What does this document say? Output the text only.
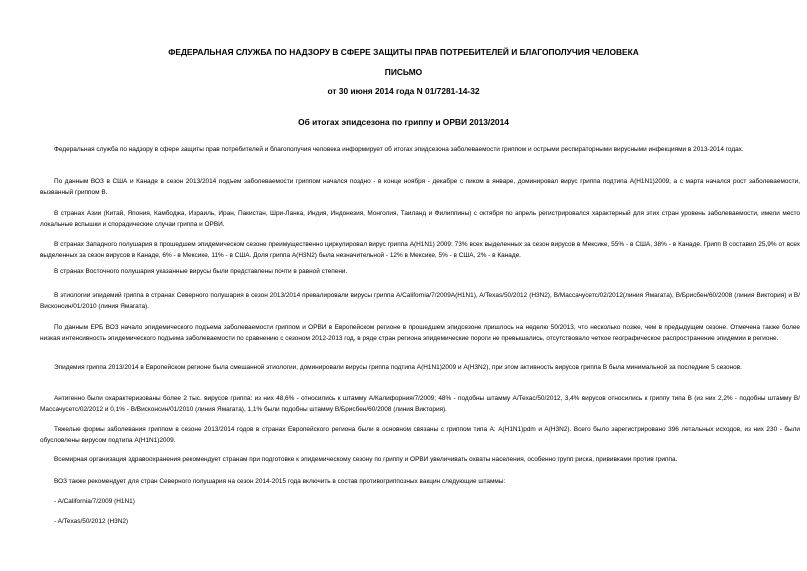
ФЕДЕРАЛЬНАЯ СЛУЖБА ПО НАДЗОРУ В СФЕРЕ ЗАЩИТЫ ПРАВ ПОТРЕБИТЕЛЕЙ И БЛАГОПОЛУЧИЯ ЧЕЛОВЕКА
ПИСЬМО
от 30 июня 2014 года N 01/7281-14-32
Об итогах эпидсезона по гриппу и ОРВИ 2013/2014

Федеральная служба по надзору в сфере защиты прав потребителей и благополучия человека информирует об итогах эпидсезона заболеваемости гриппом и острыми респираторными вирусными инфекциями в 2013-2014 годах.

По данным ВОЗ в США и Канаде в сезон 2013/2014 подъем заболеваемости гриппом начался поздно - в конце ноября - декабре с пиком в январе, доминировал вирус гриппа подтипа A(H1N1)2009, а с марта начался рост заболеваемости, вызванный гриппом B.

В странах Азии (Китай, Япония, Камбоджа, Израиль, Иран, Пакистан, Шри-Ланка, Индия, Индонезия, Монголия, Таиланд и Филиппины) с октября по апрель регистрировался характерный для этих стран уровень заболеваемости, имели место локальные вспышки и спорадические случаи гриппа и ОРВИ.

В странах Западного полушария в прошедшем эпидемическом сезоне преимущественно циркулировал вирус гриппа A(H1N1) 2009: 73% всех выделенных за сезон вирусов в Мексике, 55% - в США, 38% - в Канаде. Грипп B составил 25,9% от всех выделенных за сезон вирусов в Канаде, 6% - в Мексике, 11% - в США. Доля гриппа A(H3N2) была незначительной - 12% в Мексике, 5% - в США, 2% - в Канаде.

В странах Восточного полушария указанные вирусы были представлены почти в равной степени.

В этиологии эпидемий гриппа в странах Северного полушария в сезон 2013/2014 превалировали вирусы гриппа A/California/7/2009A(H1N1), A/Texas/50/2012 (H3N2), B/Массачусетс/02/2012(линия Ямагата), B/Брисбен/60/2008 (линия Виктория) и B/Висконсин/01/2010 (линия Ямагата).

По данным ЕРБ ВОЗ начало эпидемического подъема заболеваемости гриппом и ОРВИ в Европейском регионе в прошедшем эпидсезоне пришлось на неделю 50/2013, что несколько позже, чем в предыдущем сезоне. Отмечена также более низкая интенсивность эпидемического подъема заболеваемости по сравнению с сезоном 2012-2013 год, в ряде стран региона эпидемические пороги не превышались, отсутствовало четкое географическое распространение эпидемии в регионе.

Эпидемия гриппа 2013/2014 в Европейском регионе была смешанной этиологии, доминировали вирусы гриппа подтипа A(H1N1)2009 и A(H3N2), при этом активность вирусов гриппа B была минимальной за последние 5 сезонов.

Антигенно были охарактеризованы более 2 тыс. вирусов гриппа: из них 48,6% - относились к штамму A/Калифорния/7/2009; 48% - подобны штамму A/Техас/50/2012, 3,4% вирусов относились к гриппу типа B (из них 2,2% - подобны штамму B/Массачусетс/02/2012 и 0,1% - B/Висконсин/01/2010 (линия Ямагата), 1,1% были подобны штамму B/Брисбен/60/2008 (линия Виктория).

Тяжелые формы заболевания гриппом в сезоне 2013/2014 годов в странах Европейского региона были в основном связаны с гриппом типа А: A(H1N1)pdm и A(H3N2). Всего было зарегистрировано 396 летальных исходов, из них 230 - были обусловлены вирусом подтипа A(H1N1)2009.

Всемирная организация здравоохранения рекомендует странам при подготовке к эпидемическому сезону по гриппу и ОРВИ увеличивать охваты населения, особенно групп риска, прививками против гриппа.

ВОЗ также рекомендует для стран Северного полушария на сезон 2014-2015 года включить в состав противогриппозных вакцин следующие штаммы:

- A/California/7/2009 (H1N1)

- A/Texas/50/2012 (H3N2)
